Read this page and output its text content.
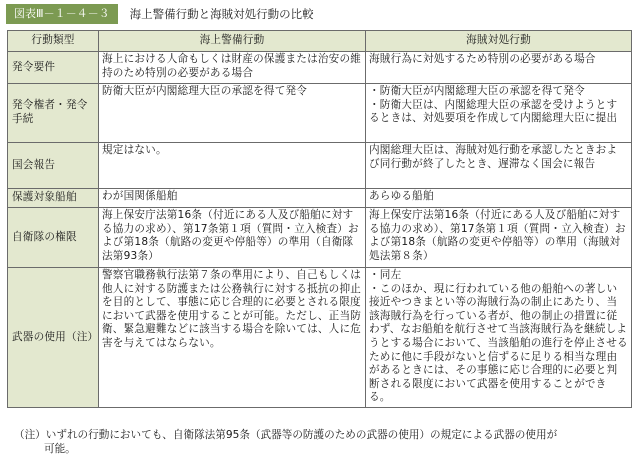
図表Ⅲ－１－４－３	海上警備行動と海賊対処行動の比較
行動類型	海上警備行動	海賊対処行動
発令要件	海上における人命もしくは財産の保護または治安の維持のため特別の必要がある場合	海賊行為に対処するため特別の必要がある場合
発令権者・発令手続	防衛大臣が内閣総理大臣の承認を得て発令	・防衛大臣が内閣総理大臣の承認を得て発令
・防衛大臣は、内閣総理大臣の承認を受けようとするときは、対処要項を作成して内閣総理大臣に提出

国会報告	規定はない。	内閣総理大臣は、海賊対処行動を承認したときおよび同行動が終了したとき、遅滞なく国会に報告
保護対象船舶	わが国関係船舶	あらゆる船舶
自衛隊の権限	海上保安庁法第16条（付近にある人及び船舶に対する協力の求め）、第17条第１項（質問・立入検査）および第18条（航路の変更や停船等）の準用（自衛隊法第93条）	海上保安庁法第16条（付近にある人及び船舶に対する協力の求め）、第17条第１項（質問・立入検査）および第18条（航路の変更や停船等）の準用（海賊対処法第８条）
武器の使用（注）	警察官職務執行法第７条の準用により、自己もしくは他人に対する防護または公務執行に対する抵抗の抑止を目的として、事態に応じ合理的に必要とされる限度において武器を使用することが可能。ただし、正当防衛、緊急避難などに該当する場合を除いては、人に危害を与えてはならない。	・同左
・このほか、現に行われている他の船舶への著しい接近やつきまとい等の海賊行為の制止にあたり、当該海賊行為を行っている者が、他の制止の措置に従わず、なお船舶を航行させて当該海賊行為を継続しようとする場合において、当該船舶の進行を停止させるために他に手段がないと信ずるに足りる相当な理由があるときには、その事態に応じ合理的に必要と判断される限度において武器を使用することができる。
（注）いずれの行動においても、自衛隊法第95条（武器等の防護のための武器の使用）の規定による武器の使用が
可能。
